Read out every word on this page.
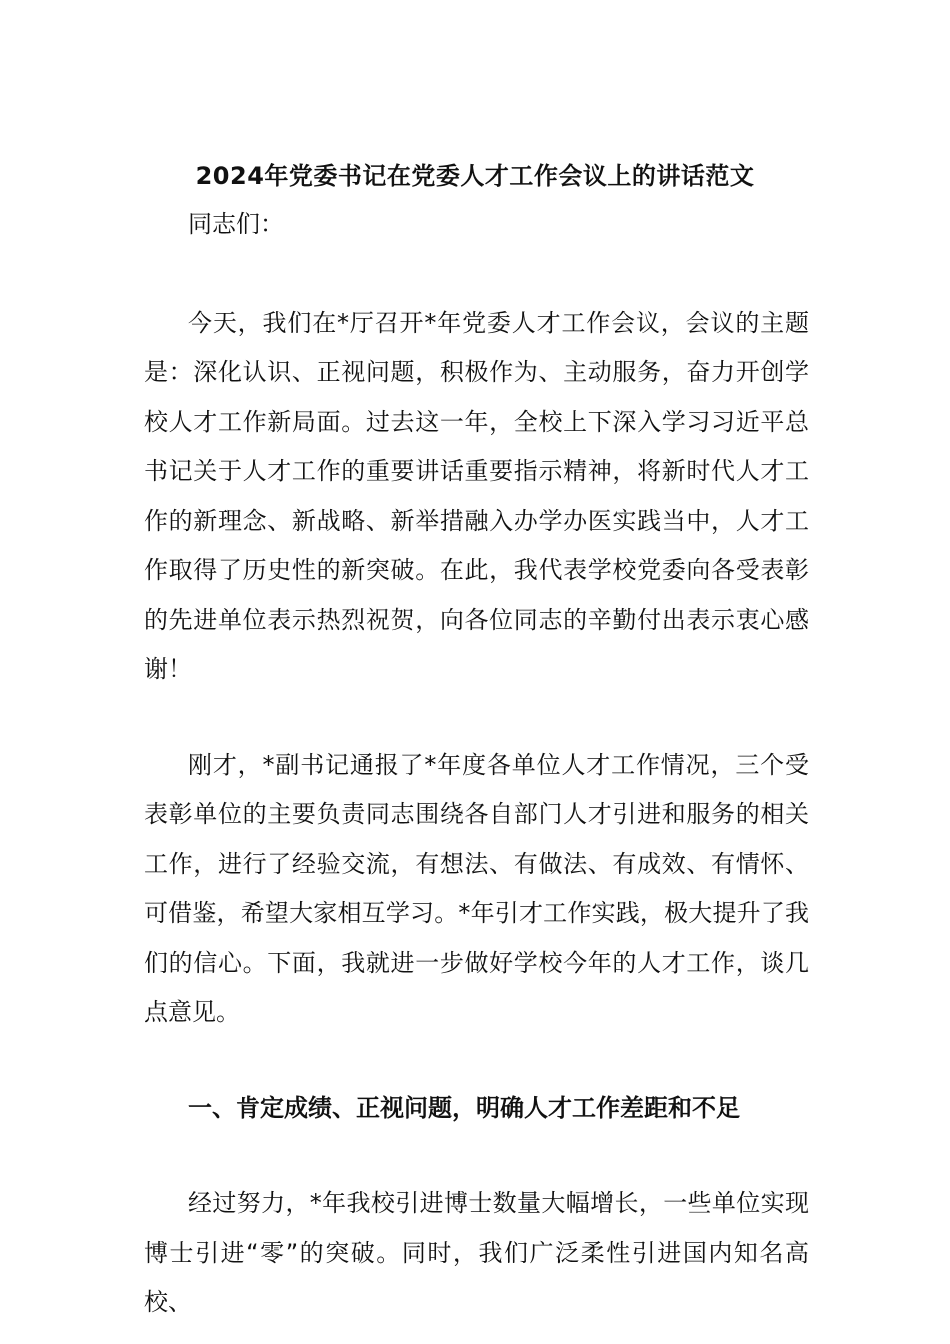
2024年党委书记在党委人才工作会议上的讲话范文

同志们：

今天，我们在*厅召开*年党委人才工作会议，会议的主题是：深化认识、正视问题，积极作为、主动服务，奋力开创学校人才工作新局面。过去这一年，全校上下深入学习习近平总书记关于人才工作的重要讲话重要指示精神，将新时代人才工作的新理念、新战略、新举措融入办学办医实践当中，人才工作取得了历史性的新突破。在此，我代表学校党委向各受表彰的先进单位表示热烈祝贺，向各位同志的辛勤付出表示衷心感谢！

刚才，*副书记通报了*年度各单位人才工作情况，三个受表彰单位的主要负责同志围绕各自部门人才引进和服务的相关工作，进行了经验交流，有想法、有做法、有成效、有情怀、可借鉴，希望大家相互学习。*年引才工作实践，极大提升了我们的信心。下面，我就进一步做好学校今年的人才工作，谈几点意见。

一、肯定成绩、正视问题，明确人才工作差距和不足

经过努力，*年我校引进博士数量大幅增长，一些单位实现博士引进“零”的突破。同时，我们广泛柔性引进国内知名高校、
